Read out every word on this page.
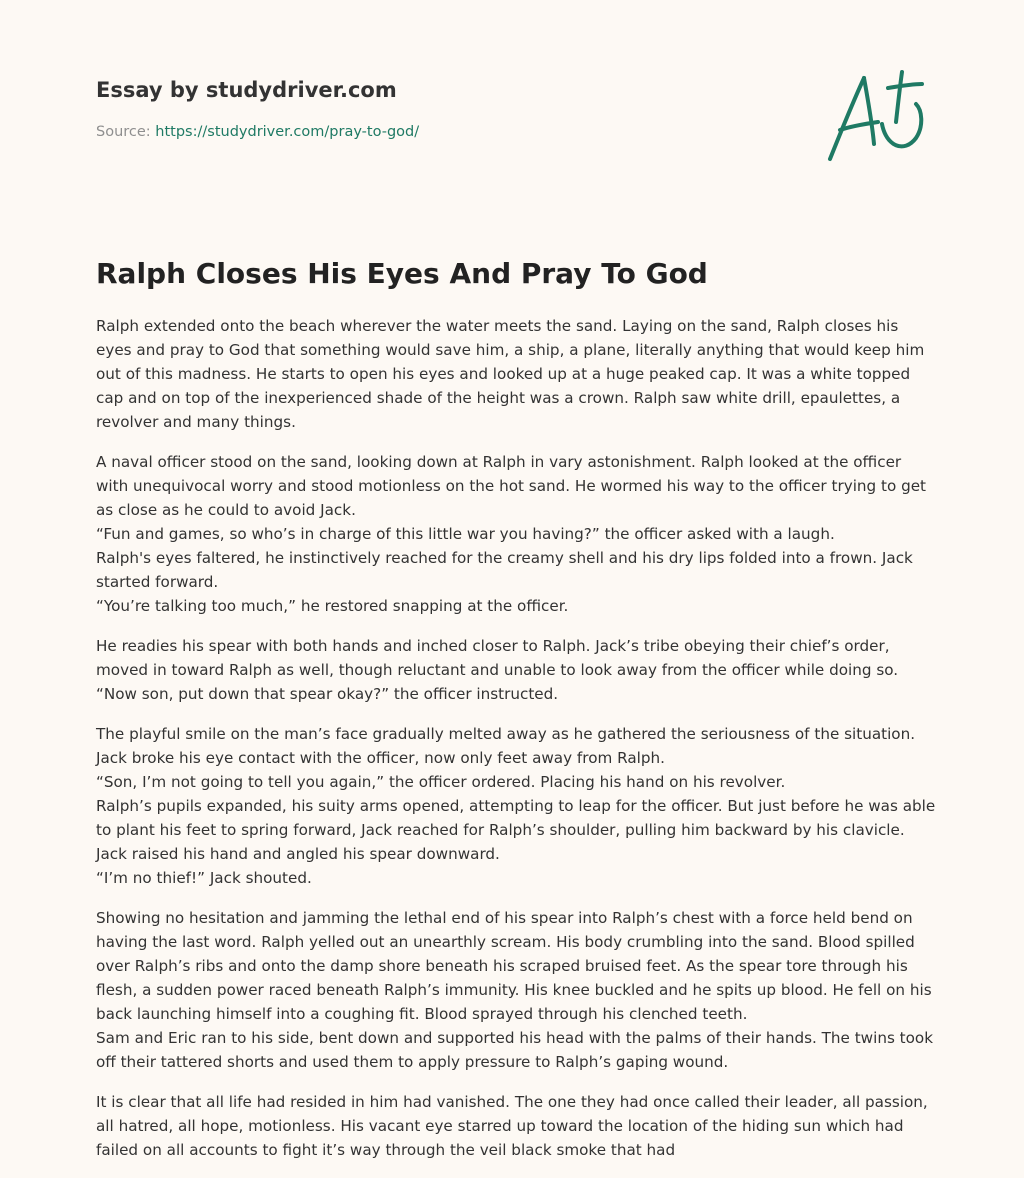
Essay by studydriver.com
Source: https://studydriver.com/pray-to-god/
Ralph Closes His Eyes And Pray To God

Ralph extended onto the beach wherever the water meets the sand. Laying on the sand, Ralph closes his eyes and pray to God that something would save him, a ship, a plane, literally anything that would keep him out of this madness. He starts to open his eyes and looked up at a huge peaked cap. It was a white topped cap and on top of the inexperienced shade of the height was a crown. Ralph saw white drill, epaulettes, a revolver and many things.

A naval officer stood on the sand, looking down at Ralph in vary astonishment. Ralph looked at the officer with unequivocal worry and stood motionless on the hot sand. He wormed his way to the officer trying to get as close as he could to avoid Jack.
“Fun and games, so who’s in charge of this little war you having?” the officer asked with a laugh.
Ralph's eyes faltered, he instinctively reached for the creamy shell and his dry lips folded into a frown. Jack started forward.
“You’re talking too much,” he restored snapping at the officer.

He readies his spear with both hands and inched closer to Ralph. Jack’s tribe obeying their chief’s order, moved in toward Ralph as well, though reluctant and unable to look away from the officer while doing so.
“Now son, put down that spear okay?” the officer instructed.

The playful smile on the man’s face gradually melted away as he gathered the seriousness of the situation. Jack broke his eye contact with the officer, now only feet away from Ralph.
“Son, I’m not going to tell you again,” the officer ordered. Placing his hand on his revolver.
Ralph’s pupils expanded, his suity arms opened, attempting to leap for the officer. But just before he was able to plant his feet to spring forward, Jack reached for Ralph’s shoulder, pulling him backward by his clavicle. Jack raised his hand and angled his spear downward.
“I’m no thief!” Jack shouted.

Showing no hesitation and jamming the lethal end of his spear into Ralph’s chest with a force held bend on having the last word. Ralph yelled out an unearthly scream. His body crumbling into the sand. Blood spilled over Ralph’s ribs and onto the damp shore beneath his scraped bruised feet. As the spear tore through his flesh, a sudden power raced beneath Ralph’s immunity. His knee buckled and he spits up blood. He fell on his back launching himself into a coughing fit. Blood sprayed through his clenched teeth.
Sam and Eric ran to his side, bent down and supported his head with the palms of their hands. The twins took off their tattered shorts and used them to apply pressure to Ralph’s gaping wound.

It is clear that all life had resided in him had vanished. The one they had once called their leader, all passion, all hatred, all hope, motionless. His vacant eye starred up toward the location of the hiding sun which had failed on all accounts to fight it’s way through the veil black smoke that had
